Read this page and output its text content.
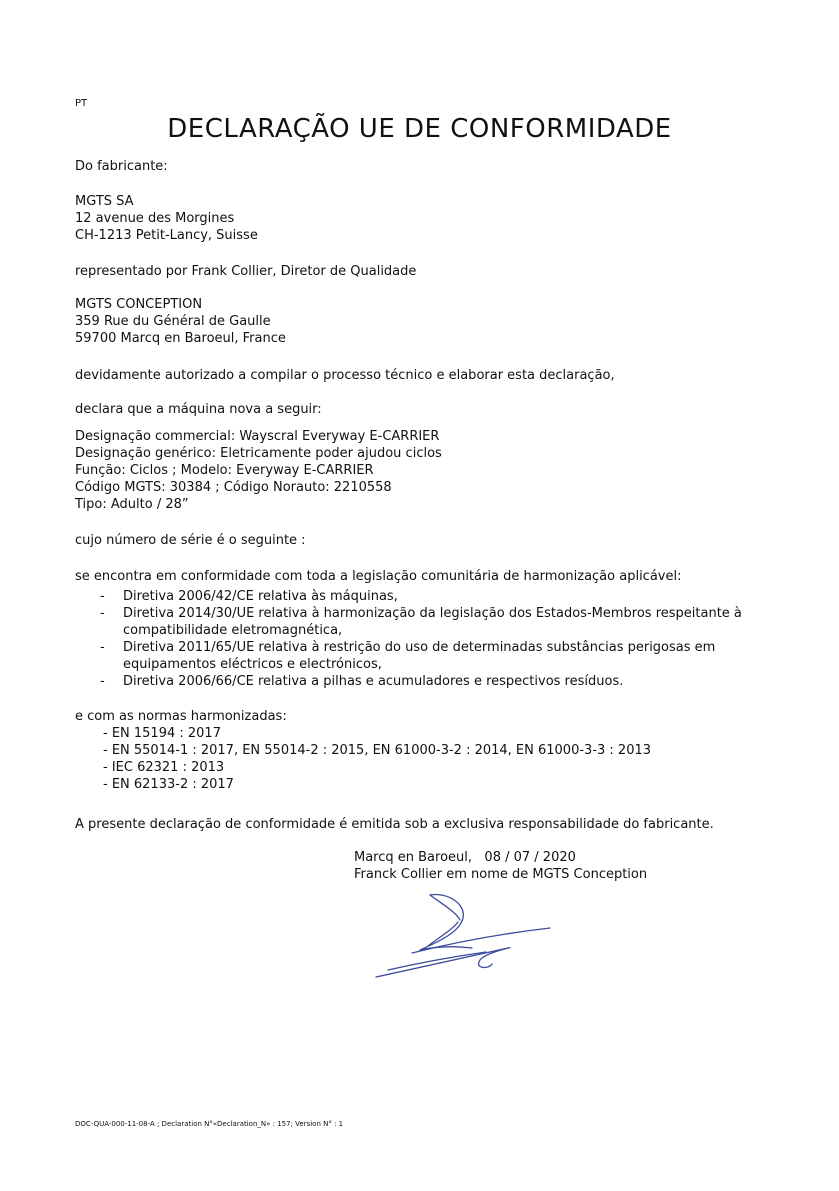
PT
DECLARAÇÃO UE DE CONFORMIDADE
Do fabricante:
MGTS SA
12 avenue des Morgines
CH-1213 Petit-Lancy, Suisse
representado por Frank Collier, Diretor de Qualidade
MGTS CONCEPTION
359 Rue du Général de Gaulle
59700 Marcq en Baroeul, France
devidamente autorizado a compilar o processo técnico e elaborar esta declaração,
declara que a máquina nova a seguir:
Designação commercial: Wayscral Everyway E-CARRIER
Designação genérico: Eletricamente poder ajudou ciclos
Função: Ciclos ; Modelo: Everyway E-CARRIER
Código MGTS: 30384 ; Código Norauto: 2210558
Tipo: Adulto / 28”
cujo número de série é o seguinte :
se encontra em conformidade com toda a legislação comunitária de harmonização aplicável:
- Diretiva 2006/42/CE relativa às máquinas,
- Diretiva 2014/30/UE relativa à harmonização da legislação dos Estados-Membros respeitante à compatibilidade eletromagnética,
- Diretiva 2011/65/UE relativa à restrição do uso de determinadas substâncias perigosas em equipamentos eléctricos e electrónicos,
- Diretiva 2006/66/CE relativa a pilhas e acumuladores e respectivos resíduos.
e com as normas harmonizadas:
- EN 15194 : 2017
- EN 55014-1 : 2017, EN 55014-2 : 2015, EN 61000-3-2 : 2014, EN 61000-3-3 : 2013
- IEC 62321 : 2013
- EN 62133-2 : 2017
A presente declaração de conformidade é emitida sob a exclusiva responsabilidade do fabricante.
Marcq en Baroeul,   08 / 07 / 2020
Franck Collier em nome de MGTS Conception
DOC-QUA-000-11-08-A ; Declaration N°«Declaration_N» : 157; Version N° : 1
